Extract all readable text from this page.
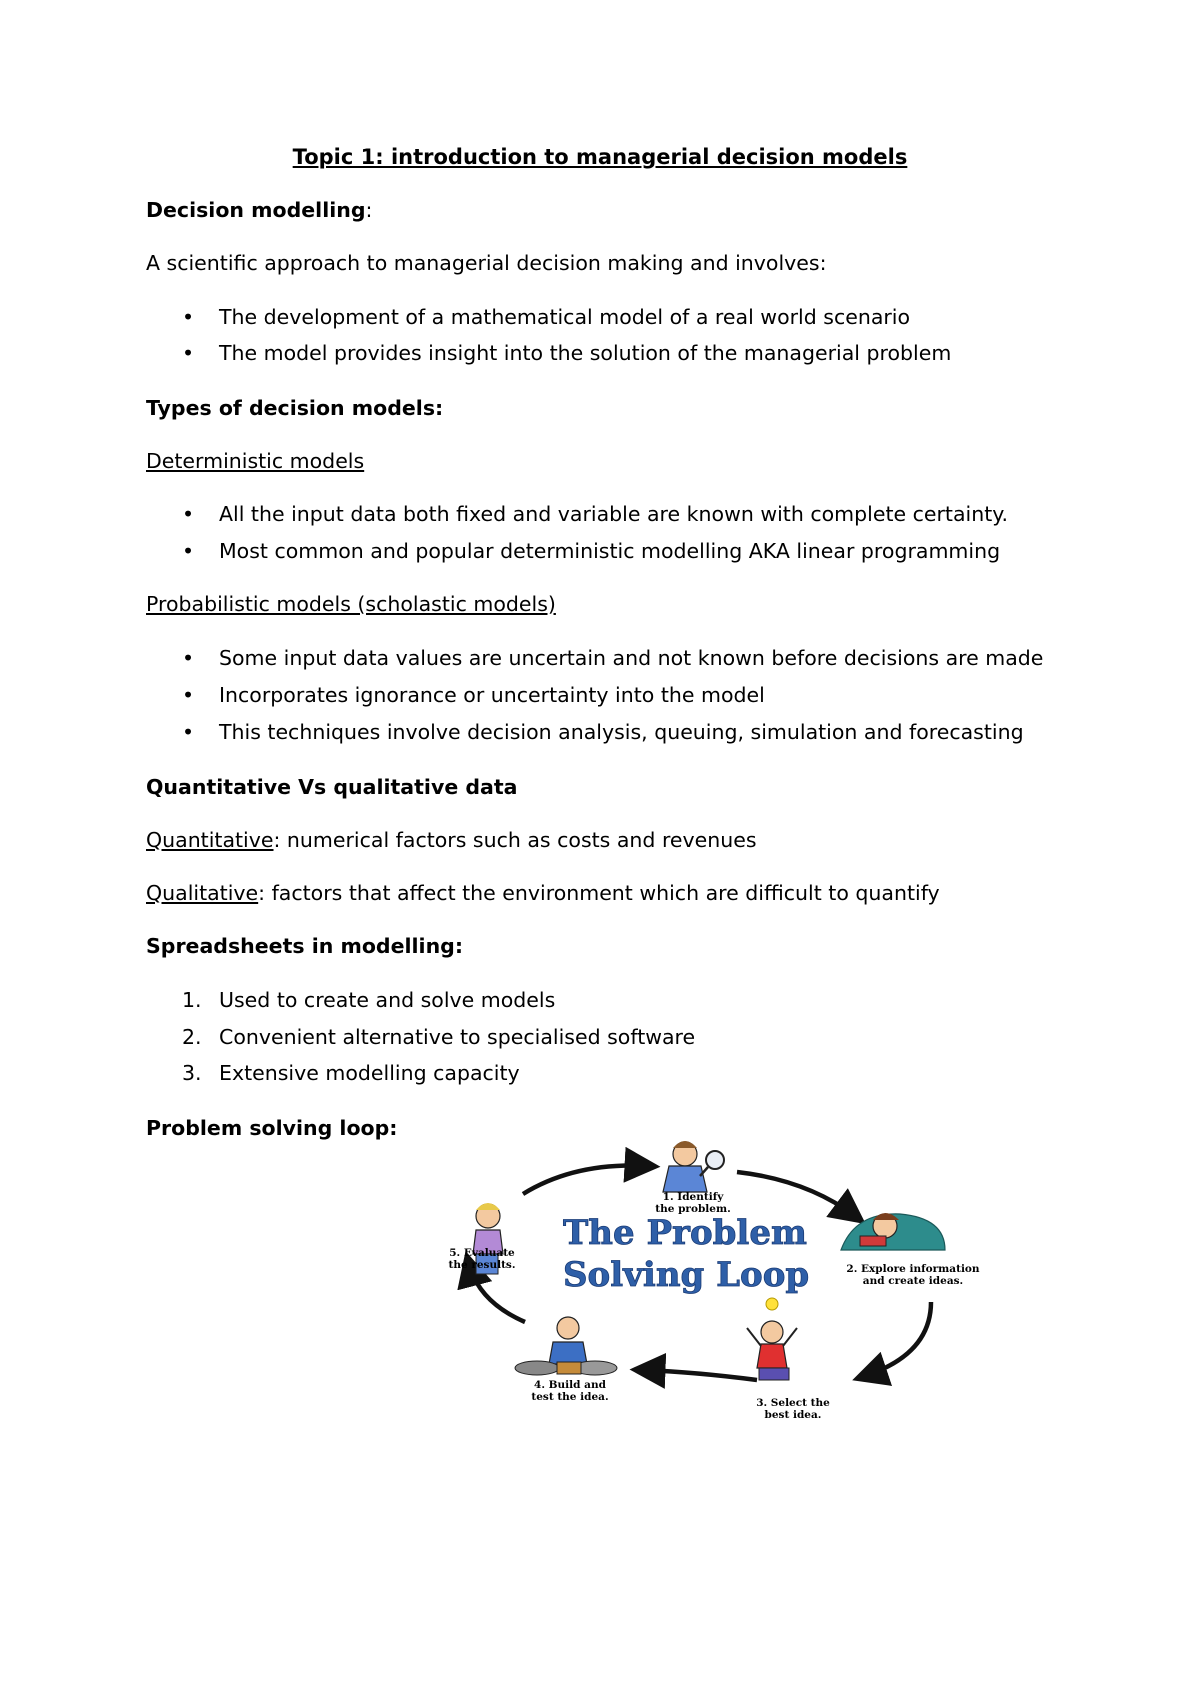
Topic 1: introduction to managerial decision models
Decision modelling:
A scientific approach to managerial decision making and involves:
•	The development of a mathematical model of a real world scenario
•	The model provides insight into the solution of the managerial problem
Types of decision models:
Deterministic models
•	All the input data both fixed and variable are known with complete certainty.
•	Most common and popular deterministic modelling AKA linear programming
Probabilistic models (scholastic models)
•	Some input data values are uncertain and not known before decisions are made
•	Incorporates ignorance or uncertainty into the model
•	This techniques involve decision analysis, queuing, simulation and forecasting
Quantitative Vs qualitative data
Quantitative: numerical factors such as costs and revenues
Qualitative: factors that affect the environment which are difficult to quantify
Spreadsheets in modelling:
1. Used to create and solve models
2. Convenient alternative to specialised software
3. Extensive modelling capacity
Problem solving loop:
The Problem
Solving Loop
1. Identify
the problem.
2. Explore information
and create ideas.
3. Select the
best idea.
4. Build and
test the idea.
5. Evaluate
the results.
